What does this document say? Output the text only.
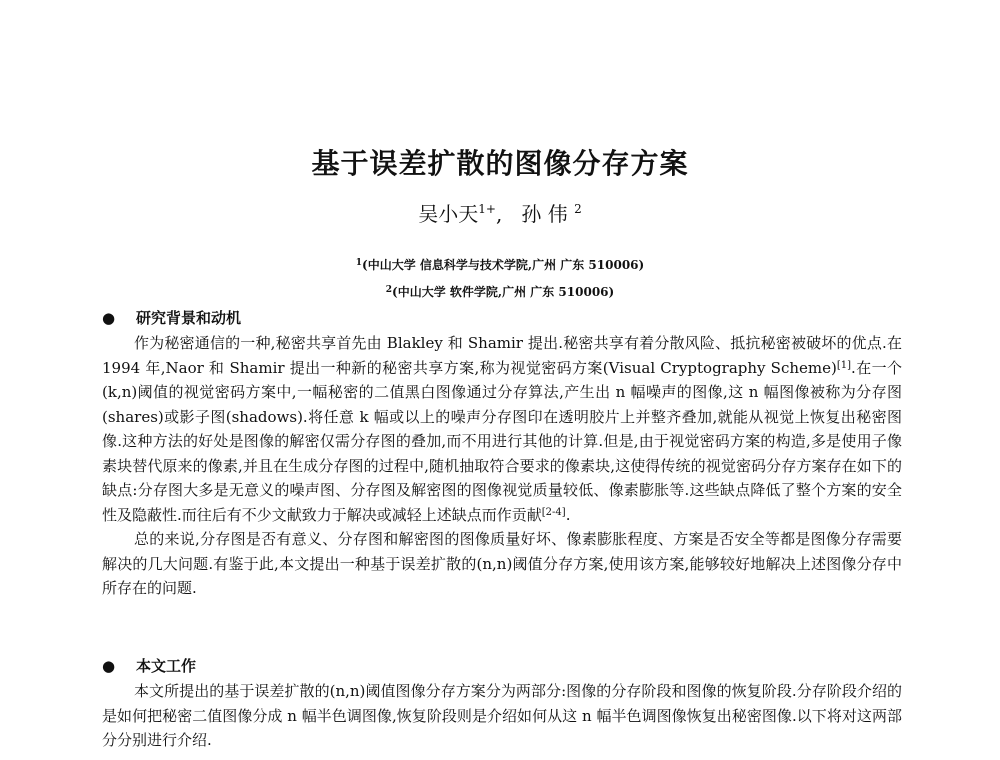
基于误差扩散的图像分存方案
吴小天$^{1+}$, 孙 伟 $^2$
$^1$(中山大学 信息科学与技术学院,广州 广东 510006)
$^2$(中山大学 软件学院,广州 广东 510006)
● 研究背景和动机

作为秘密通信的一种,秘密共享首先由 Blakley 和 Shamir 提出.秘密共享有着分散风险、抵抗秘密被破坏的优点.在 1994 年,Naor 和 Shamir 提出一种新的秘密共享方案,称为视觉密码方案(Visual Cryptography Scheme)[1].在一个(k,n)阈值的视觉密码方案中,一幅秘密的二值黑白图像通过分存算法,产生出 n 幅噪声的图像,这 n 幅图像被称为分存图(shares)或影子图(shadows).将任意 k 幅或以上的噪声分存图印在透明胶片上并整齐叠加,就能从视觉上恢复出秘密图像.这种方法的好处是图像的解密仅需分存图的叠加,而不用进行其他的计算.但是,由于视觉密码方案的构造,多是使用子像素块替代原来的像素,并且在生成分存图的过程中,随机抽取符合要求的像素块,这使得传统的视觉密码分存方案存在如下的缺点:分存图大多是无意义的噪声图、分存图及解密图的图像视觉质量较低、像素膨胀等.这些缺点降低了整个方案的安全性及隐蔽性.而往后有不少文献致力于解决或减轻上述缺点而作贡献[2-4].

总的来说,分存图是否有意义、分存图和解密图的图像质量好坏、像素膨胀程度、方案是否安全等都是图像分存需要解决的几大问题.有鉴于此,本文提出一种基于误差扩散的(n,n)阈值分存方案,使用该方案,能够较好地解决上述图像分存中所存在的问题.

● 本文工作

本文所提出的基于误差扩散的(n,n)阈值图像分存方案分为两部分:图像的分存阶段和图像的恢复阶段.分存阶段介绍的是如何把秘密二值图像分成 n 幅半色调图像,恢复阶段则是介绍如何从这 n 幅半色调图像恢复出秘密图像.以下将对这两部分分别进行介绍.
